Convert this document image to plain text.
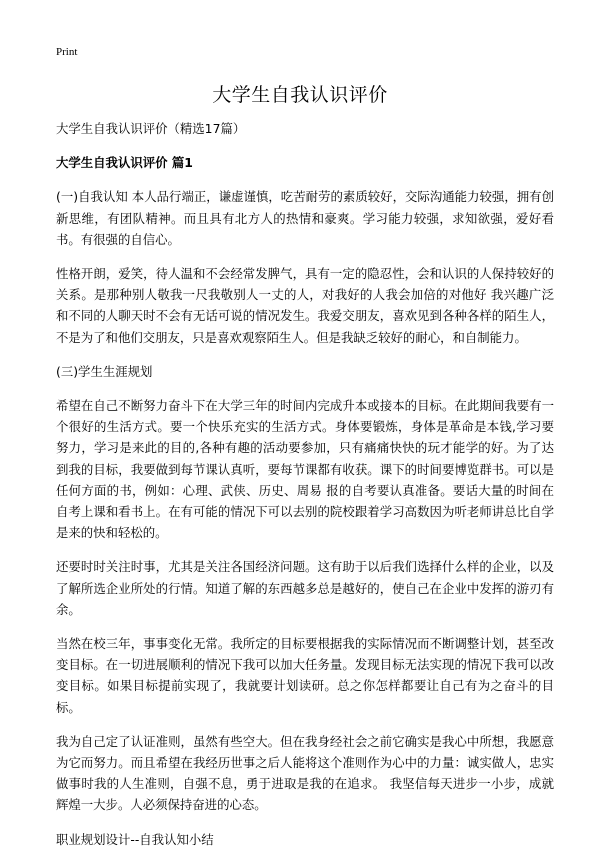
Print
大学生自我认识评价

大学生自我认识评价（精选17篇）

大学生自我认识评价 篇1

(一)自我认知 本人品行端正，谦虚谨慎，吃苦耐劳的素质较好，交际沟通能力较强，拥有创新思维，有团队精神。而且具有北方人的热情和豪爽。学习能力较强，求知欲强，爱好看书。有很强的自信心。

性格开朗，爱笑，待人温和不会经常发脾气，具有一定的隐忍性，会和认识的人保持较好的关系。是那种别人敬我一尺我敬别人一丈的人，对我好的人我会加倍的对他好 我兴趣广泛和不同的人聊天时不会有无话可说的情况发生。我爱交朋友，喜欢见到各种各样的陌生人，不是为了和他们交朋友，只是喜欢观察陌生人。但是我缺乏较好的耐心，和自制能力。

(三)学生生涯规划

希望在自己不断努力奋斗下在大学三年的时间内完成升本或接本的目标。在此期间我要有一个很好的生活方式。要一个快乐充实的生活方式。身体要锻炼，身体是革命是本钱,学习要努力，学习是来此的目的,各种有趣的活动要参加，只有痛痛快快的玩才能学的好。为了达到我的目标，我要做到每节课认真听，要每节课都有收获。课下的时间要博览群书。可以是任何方面的书，例如：心理、武侠、历史、周易 报的自考要认真准备。要话大量的时间在自考上课和看书上。在有可能的情况下可以去别的院校跟着学习高数因为听老师讲总比自学是来的快和轻松的。

还要时时关注时事，尤其是关注各国经济问题。这有助于以后我们选择什么样的企业，以及了解所选企业所处的行情。知道了解的东西越多总是越好的，使自己在企业中发挥的游刃有余。

当然在校三年，事事变化无常。我所定的目标要根据我的实际情况而不断调整计划，甚至改变目标。在一切进展顺利的情况下我可以加大任务量。发现目标无法实现的情况下我可以改变目标。如果目标提前实现了，我就要计划读研。总之你怎样都要让自己有为之奋斗的目标。

我为自己定了认证准则，虽然有些空大。但在我身经社会之前它确实是我心中所想，我愿意为它而努力。而且希望在我经历世事之后人能将这个准则作为心中的力量：诚实做人，忠实做事时我的人生准则，自强不息，勇于进取是我的在追求。 我坚信每天进步一小步，成就辉煌一大步。人必须保持奋进的心态。

职业规划设计--自我认知小结
